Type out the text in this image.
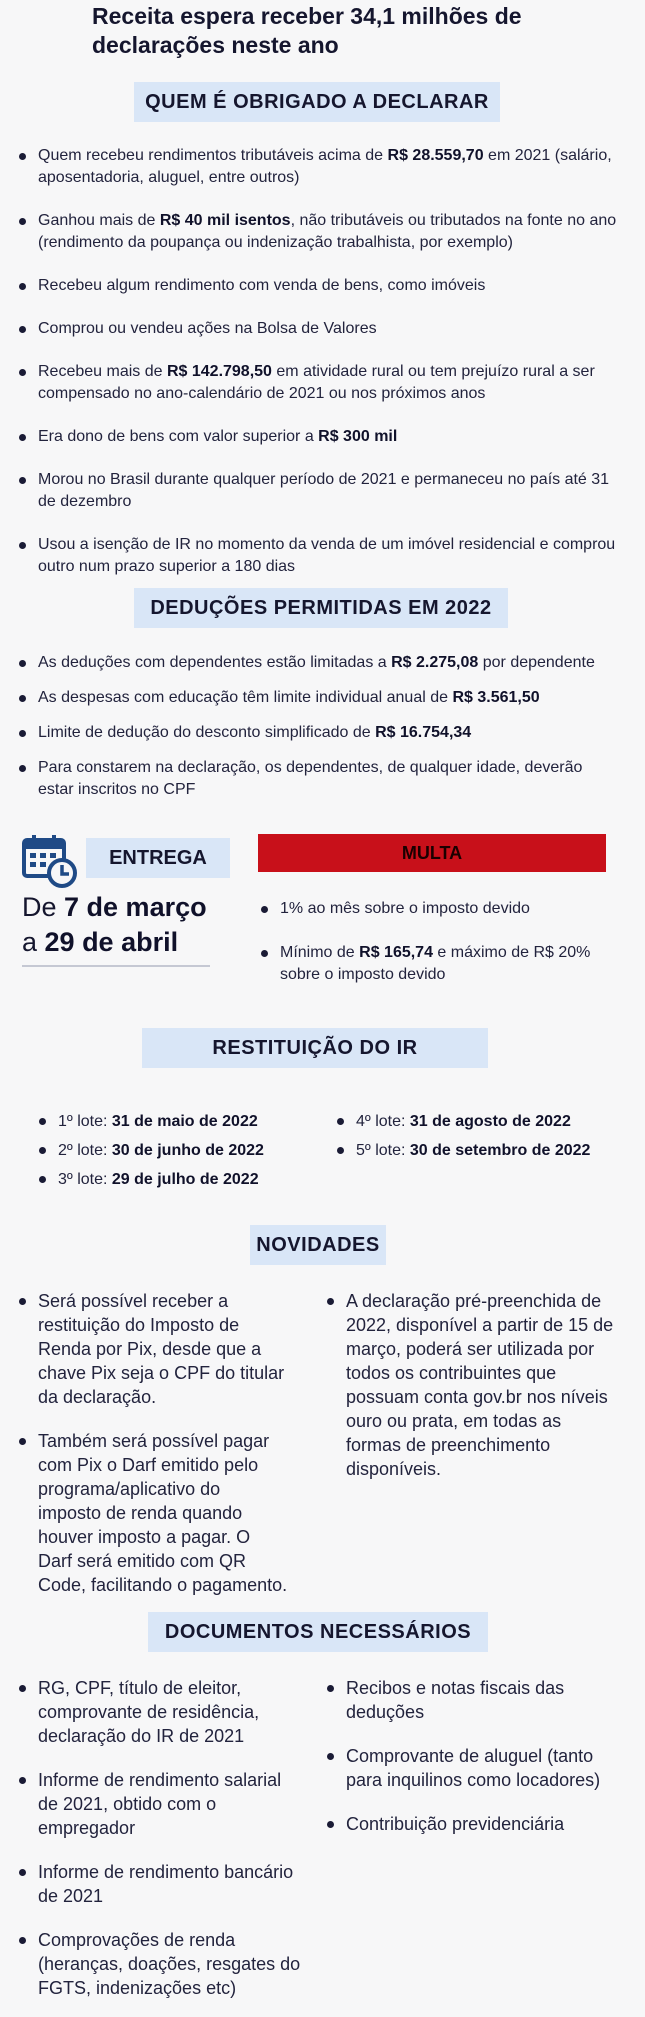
Receita espera receber 34,1 milhões de declarações neste ano
QUEM É OBRIGADO A DECLARAR
Quem recebeu rendimentos tributáveis acima de R$ 28.559,70 em 2021 (salário, aposentadoria, aluguel, entre outros)
Ganhou mais de R$ 40 mil isentos, não tributáveis ou tributados na fonte no ano (rendimento da poupança ou indenização trabalhista, por exemplo)
Recebeu algum rendimento com venda de bens, como imóveis
Comprou ou vendeu ações na Bolsa de Valores
Recebeu mais de R$ 142.798,50 em atividade rural ou tem prejuízo rural a ser compensado no ano-calendário de 2021 ou nos próximos anos
Era dono de bens com valor superior a R$ 300 mil
Morou no Brasil durante qualquer período de 2021 e permaneceu no país até 31 de dezembro
Usou a isenção de IR no momento da venda de um imóvel residencial e comprou outro num prazo superior a 180 dias
DEDUÇÕES PERMITIDAS EM 2022
As deduções com dependentes estão limitadas a R$ 2.275,08 por dependente
As despesas com educação têm limite individual anual de R$ 3.561,50
Limite de dedução do desconto simplificado de R$ 16.754,34
Para constarem na declaração, os dependentes, de qualquer idade, deverão estar inscritos no CPF
ENTREGA
De 7 de março
a 29 de abril
MULTA
1% ao mês sobre o imposto devido
Mínimo de R$ 165,74 e máximo de R$ 20% sobre o imposto devido
RESTITUIÇÃO DO IR
1º lote: 31 de maio de 2022
2º lote: 30 de junho de 2022
3º lote: 29 de julho de 2022
4º lote: 31 de agosto de 2022
5º lote: 30 de setembro de 2022
NOVIDADES
Será possível receber a restituição do Imposto de Renda por Pix, desde que a chave Pix seja o CPF do titular da declaração.
Também será possível pagar com Pix o Darf emitido pelo programa/aplicativo do imposto de renda quando houver imposto a pagar. O Darf será emitido com QR Code, facilitando o pagamento.
A declaração pré-preenchida de 2022, disponível a partir de 15 de março, poderá ser utilizada por todos os contribuintes que possuam conta gov.br nos níveis ouro ou prata, em todas as formas de preenchimento disponíveis.
DOCUMENTOS NECESSÁRIOS
RG, CPF, título de eleitor, comprovante de residência, declaração do IR de 2021
Informe de rendimento salarial de 2021, obtido com o empregador
Informe de rendimento bancário de 2021
Comprovações de renda (heranças, doações, resgates do FGTS, indenizações etc)
Recibos e notas fiscais das deduções
Comprovante de aluguel (tanto para inquilinos como locadores)
Contribuição previdenciária
